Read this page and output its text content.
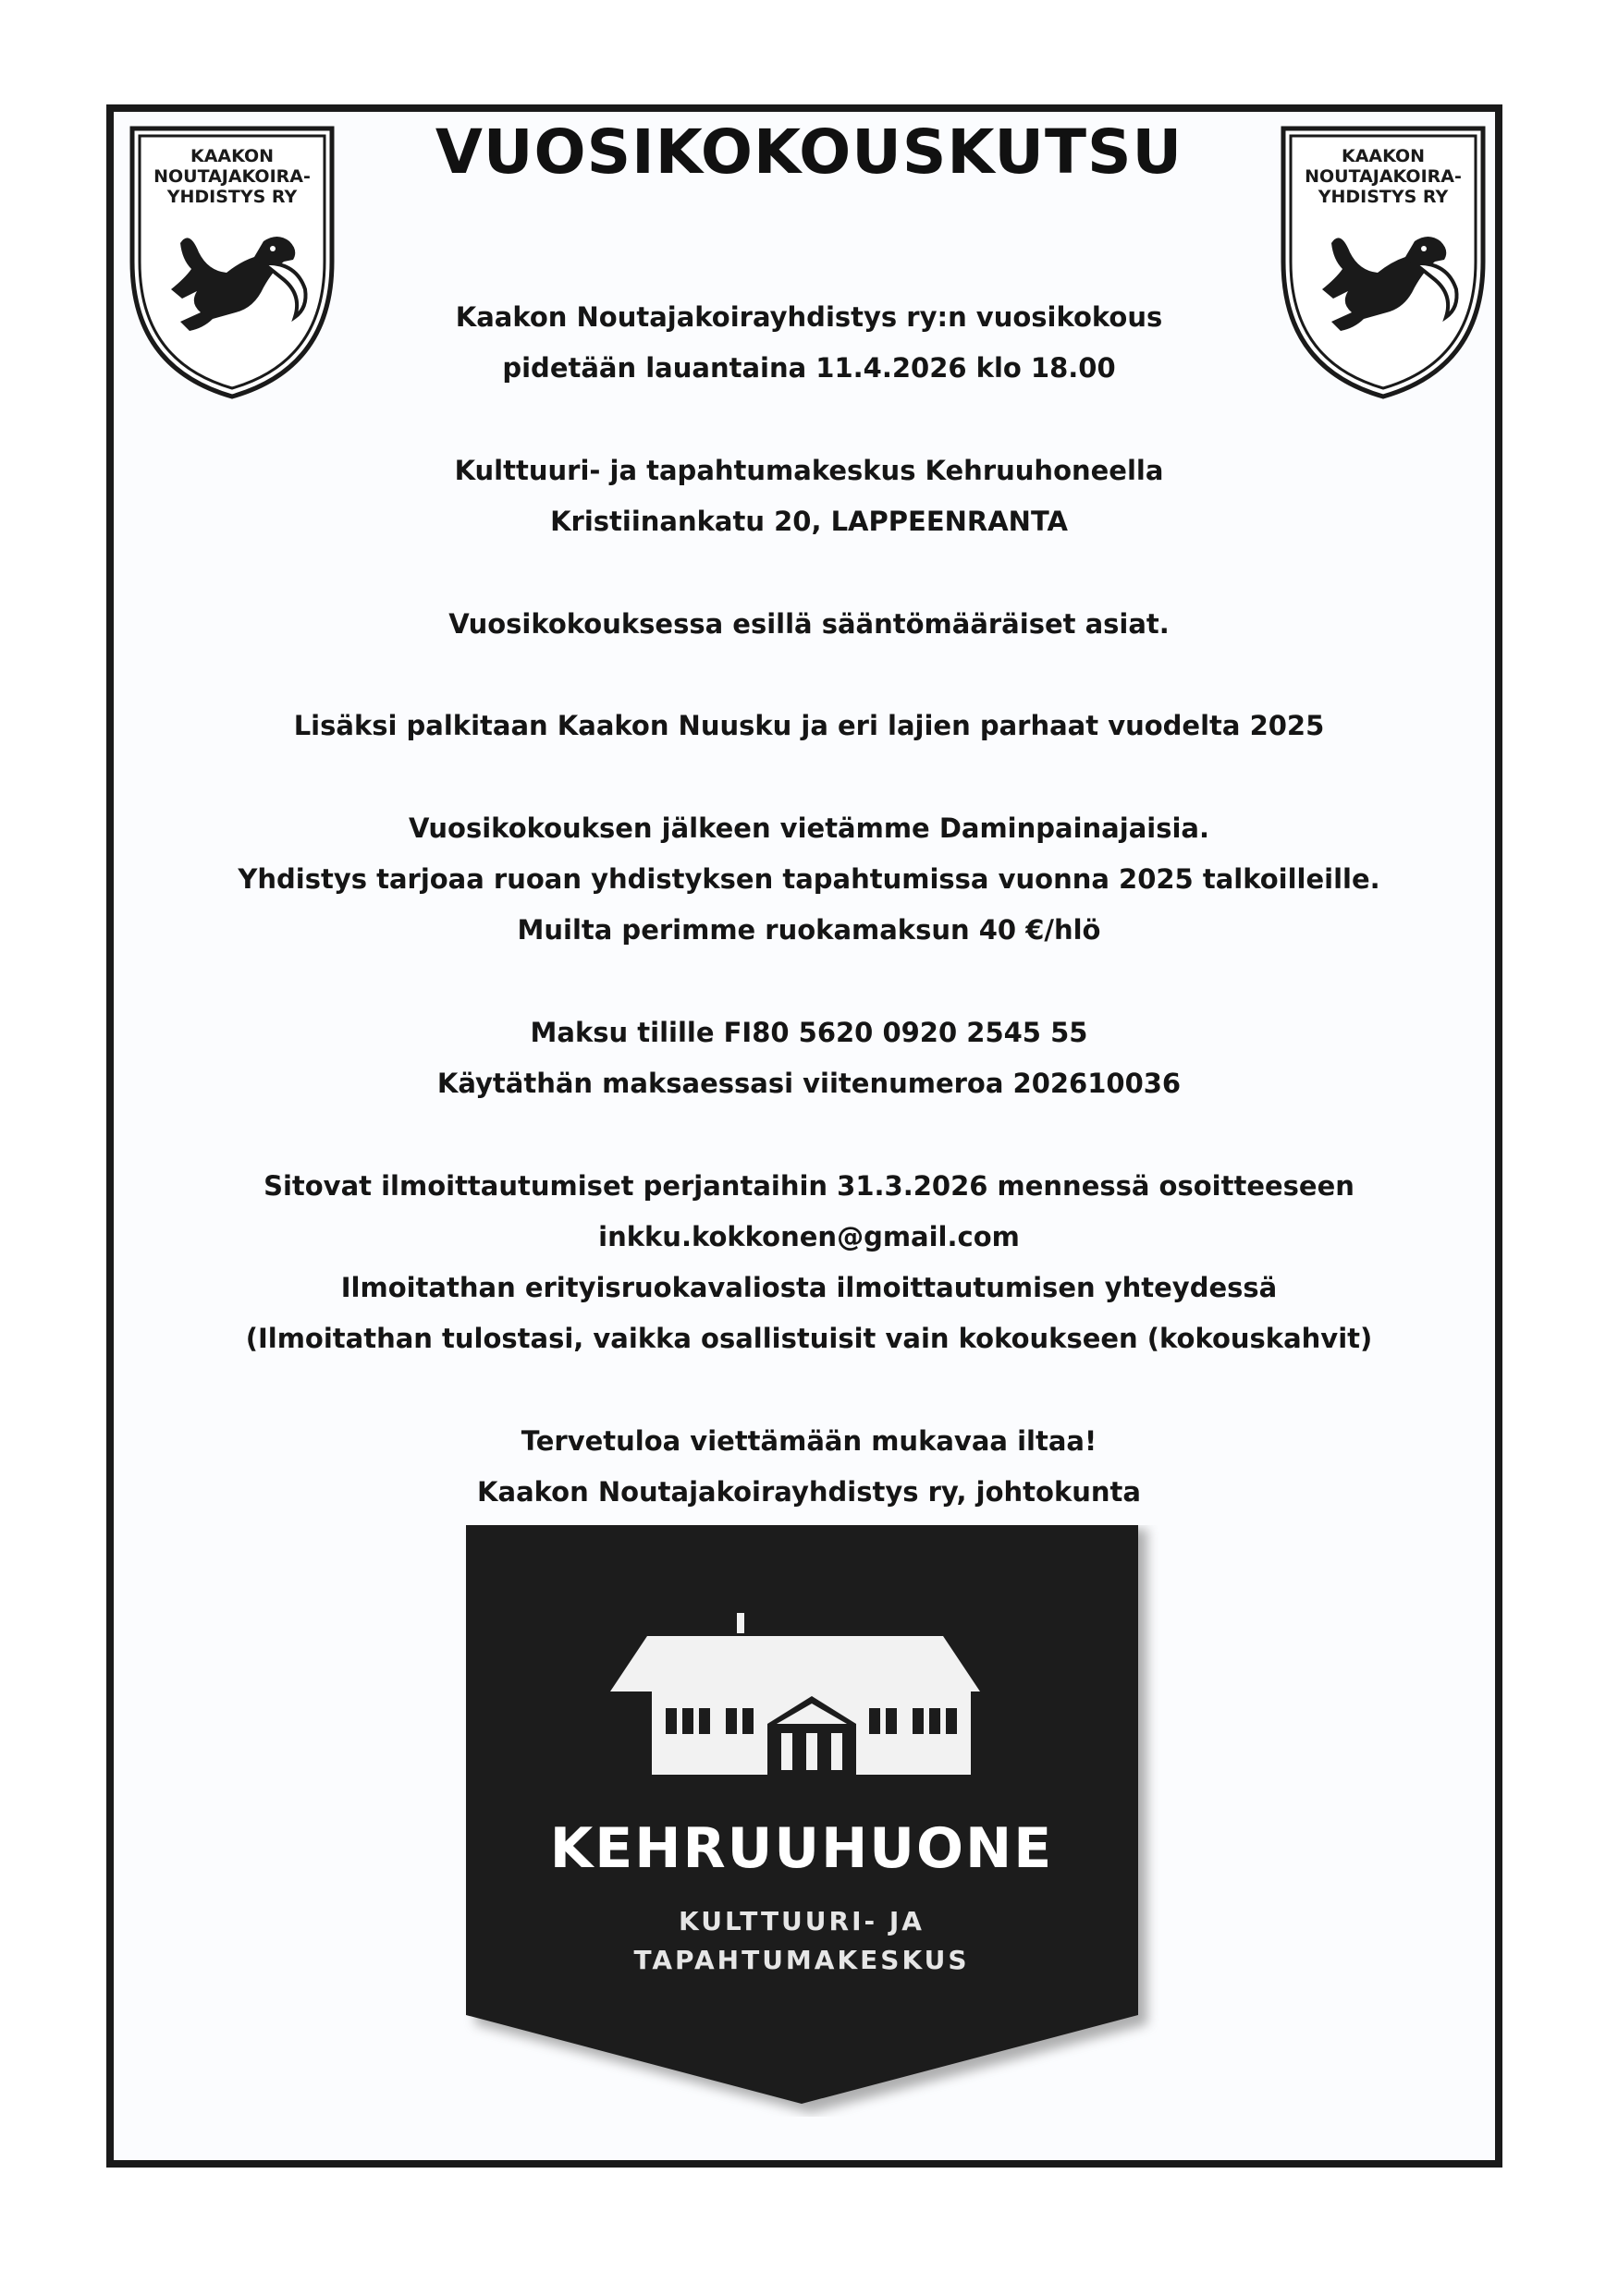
KAAKON
NOUTAJAKOIRA-
YHDISTYS RY
KAAKON
NOUTAJAKOIRA-
YHDISTYS RY
VUOSIKOKOUSKUTSU
Kaakon Noutajakoirayhdistys ry:n vuosikokous
pidetään lauantaina 11.4.2026 klo 18.00
Kulttuuri- ja tapahtumakeskus Kehruuhoneella
Kristiinankatu 20, LAPPEENRANTA
Vuosikokouksessa esillä sääntömääräiset asiat.
Lisäksi palkitaan Kaakon Nuusku ja eri lajien parhaat vuodelta 2025
Vuosikokouksen jälkeen vietämme Daminpainajaisia.
Yhdistys tarjoaa ruoan yhdistyksen tapahtumissa vuonna 2025 talkoilleille.
Muilta perimme ruokamaksun 40 €/hlö
Maksu tilille FI80 5620 0920 2545 55
Käytäthän maksaessasi viitenumeroa 202610036
Sitovat ilmoittautumiset perjantaihin 31.3.2026 mennessä osoitteeseen
inkku.kokkonen@gmail.com
Ilmoitathan erityisruokavaliosta ilmoittautumisen yhteydessä
(Ilmoitathan tulostasi, vaikka osallistuisit vain kokoukseen (kokouskahvit)
Tervetuloa viettämään mukavaa iltaa!
Kaakon Noutajakoirayhdistys ry, johtokunta
KEHRUUHUONE
KULTTUURI- JA
TAPAHTUMAKESKUS
